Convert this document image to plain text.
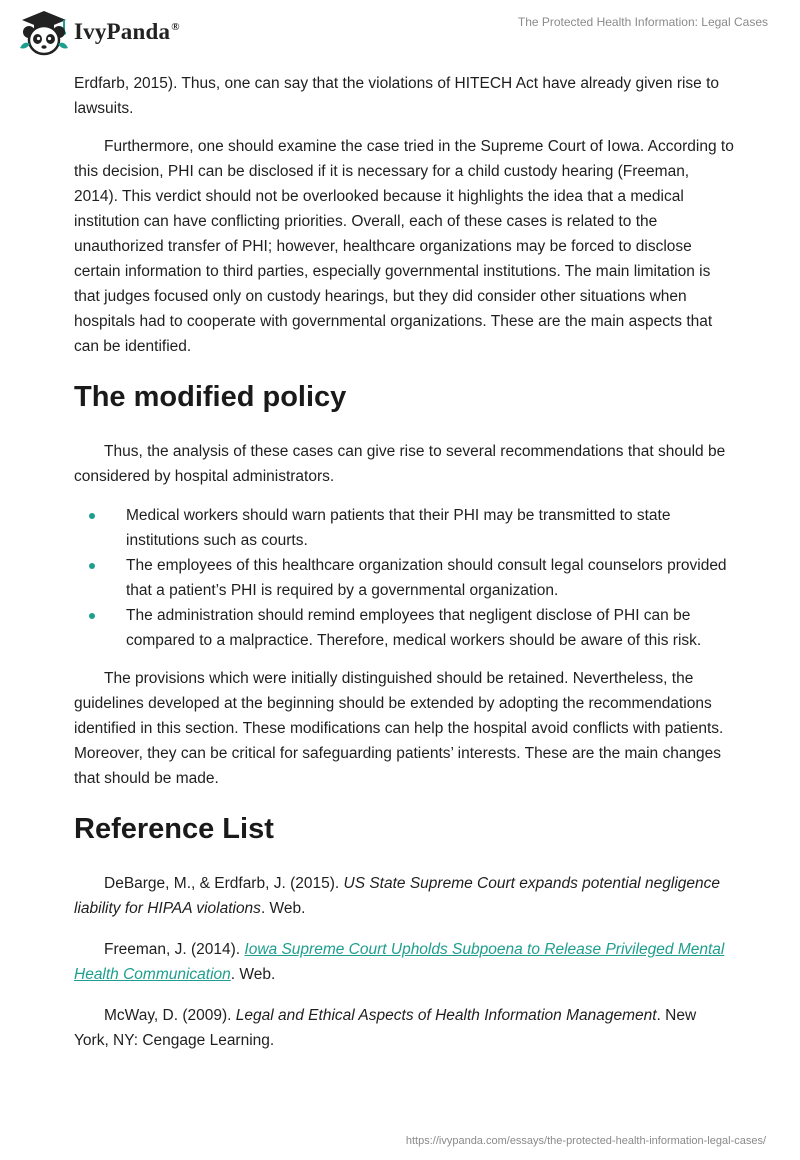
IvyPanda®	The Protected Health Information: Legal Cases

Erdfarb, 2015). Thus, one can say that the violations of HITECH Act have already given rise to lawsuits.

Furthermore, one should examine the case tried in the Supreme Court of Iowa. According to this decision, PHI can be disclosed if it is necessary for a child custody hearing (Freeman, 2014). This verdict should not be overlooked because it highlights the idea that a medical institution can have conflicting priorities. Overall, each of these cases is related to the unauthorized transfer of PHI; however, healthcare organizations may be forced to disclose certain information to third parties, especially governmental institutions. The main limitation is that judges focused only on custody hearings, but they did consider other situations when hospitals had to cooperate with governmental organizations. These are the main aspects that can be identified.

The modified policy

Thus, the analysis of these cases can give rise to several recommendations that should be considered by hospital administrators.

Medical workers should warn patients that their PHI may be transmitted to state institutions such as courts.
The employees of this healthcare organization should consult legal counselors provided that a patient’s PHI is required by a governmental organization.
The administration should remind employees that negligent disclose of PHI can be compared to a malpractice. Therefore, medical workers should be aware of this risk.

The provisions which were initially distinguished should be retained. Nevertheless, the guidelines developed at the beginning should be extended by adopting the recommendations identified in this section. These modifications can help the hospital avoid conflicts with patients. Moreover, they can be critical for safeguarding patients’ interests. These are the main changes that should be made.

Reference List
DeBarge, M., & Erdfarb, J. (2015). US State Supreme Court expands potential negligence liability for HIPAA violations. Web.
Freeman, J. (2014). Iowa Supreme Court Upholds Subpoena to Release Privileged Mental Health Communication. Web.
McWay, D. (2009). Legal and Ethical Aspects of Health Information Management. New York, NY: Cengage Learning.
https://ivypanda.com/essays/the-protected-health-information-legal-cases/
